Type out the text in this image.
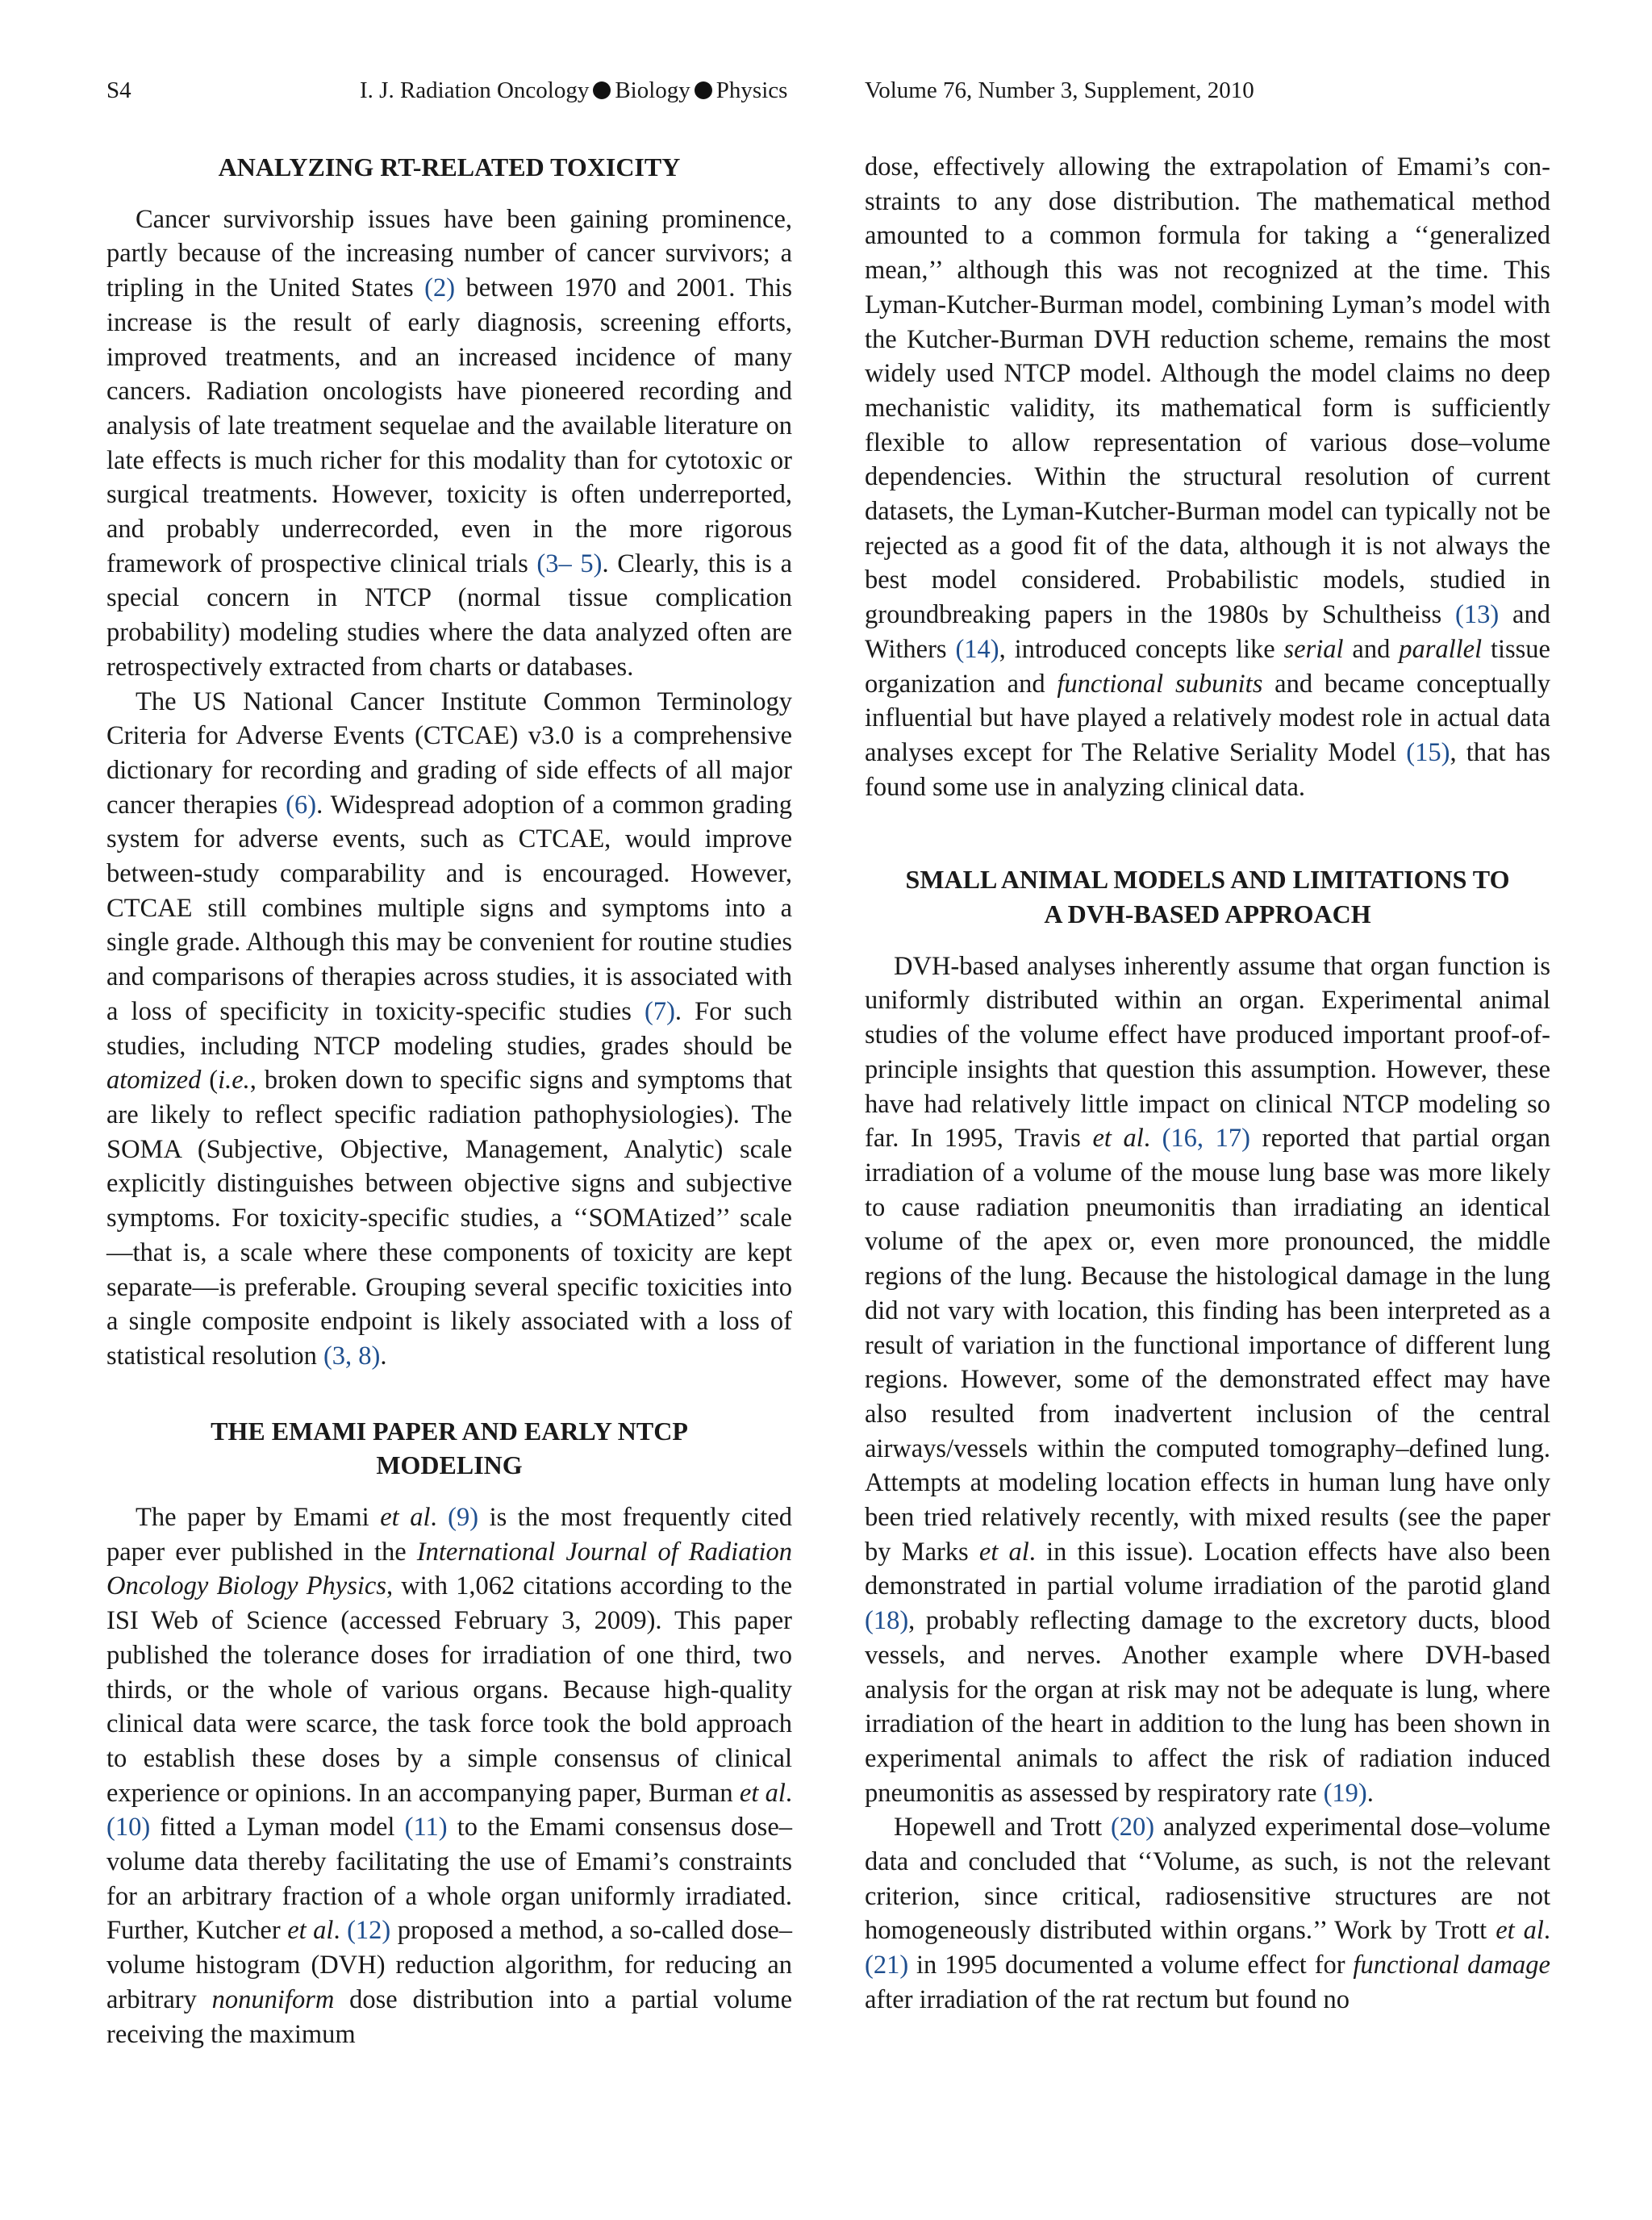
S4	I. J. Radiation Oncology Biology Physics	Volume 76, Number 3, Supplement, 2010
ANALYZING RT-RELATED TOXICITY

Cancer survivorship issues have been gaining prominence, partly because of the increasing number of cancer survivors; a tripling in the United States (2) between 1970 and 2001. This increase is the result of early diagnosis, screening efforts, improved treatments, and an increased incidence of many cancers. Radiation oncologists have pioneered recording and analysis of late treatment sequelae and the available literature on late effects is much richer for this modality than for cytotoxic or surgical treatments. However, toxicity is often underreported, and probably underrecorded, even in the more rigorous framework of prospective clinical trials (3– 5). Clearly, this is a special concern in NTCP (normal tissue complication probability) modeling studies where the data analyzed often are retrospectively extracted from charts or databases.

The US National Cancer Institute Common Terminology Criteria for Adverse Events (CTCAE) v3.0 is a comprehensive dictionary for recording and grading of side effects of all major cancer therapies (6). Widespread adoption of a common grading system for adverse events, such as CTCAE, would improve between-study comparability and is encouraged. However, CTCAE still combines multiple signs and symptoms into a single grade. Although this may be convenient for routine studies and comparisons of therapies across studies, it is associated with a loss of specificity in toxicity-specific studies (7). For such studies, including NTCP modeling studies, grades should be atomized (i.e., broken down to specific signs and symptoms that are likely to reflect specific radiation pathophysiologies). The SOMA (Subjective, Objective, Management, Analytic) scale explicitly distinguishes between objective signs and subjective symptoms. For toxicity-specific studies, a ‘‘SOMAtized’’ scale—that is, a scale where these components of toxicity are kept separate—is preferable. Grouping several specific toxicities into a single composite endpoint is likely associated with a loss of statistical resolution (3, 8).

THE EMAMI PAPER AND EARLY NTCP
MODELING

The paper by Emami et al. (9) is the most frequently cited paper ever published in the International Journal of Radiation Oncology Biology Physics, with 1,062 citations according to the ISI Web of Science (accessed February 3, 2009). This paper published the tolerance doses for irradiation of one third, two thirds, or the whole of various organs. Because high-quality clinical data were scarce, the task force took the bold approach to establish these doses by a simple consensus of clinical experience or opinions. In an accompanying paper, Burman et al. (10) fitted a Lyman model (11) to the Emami consensus dose–volume data thereby facilitating the use of Emami’s constraints for an arbitrary fraction of a whole organ uniformly irradiated. Further, Kutcher et al. (12) proposed a method, a so-called dose–volume histogram (DVH) reduction algorithm, for reducing an arbitrary nonuniform dose distribution into a partial volume receiving the maximum

dose, effectively allowing the extrapolation of Emami’s constraints to any dose distribution. The mathematical method amounted to a common formula for taking a ‘‘generalized mean,’’ although this was not recognized at the time. This Lyman-Kutcher-Burman model, combining Lyman’s model with the Kutcher-Burman DVH reduction scheme, remains the most widely used NTCP model. Although the model claims no deep mechanistic validity, its mathematical form is sufficiently flexible to allow representation of various dose–volume dependencies. Within the structural resolution of current datasets, the Lyman-Kutcher-Burman model can typically not be rejected as a good fit of the data, although it is not always the best model considered. Probabilistic models, studied in groundbreaking papers in the 1980s by Schultheiss (13) and Withers (14), introduced concepts like serial and parallel tissue organization and functional subunits and became conceptually influential but have played a relatively modest role in actual data analyses except for The Relative Seriality Model (15), that has found some use in analyzing clinical data.

SMALL ANIMAL MODELS AND LIMITATIONS TO
A DVH-BASED APPROACH

DVH-based analyses inherently assume that organ function is uniformly distributed within an organ. Experimental animal studies of the volume effect have produced important proof-of-principle insights that question this assumption. However, these have had relatively little impact on clinical NTCP modeling so far. In 1995, Travis et al. (16, 17) reported that partial organ irradiation of a volume of the mouse lung base was more likely to cause radiation pneumonitis than irradiating an identical volume of the apex or, even more pronounced, the middle regions of the lung. Because the histological damage in the lung did not vary with location, this finding has been interpreted as a result of variation in the functional importance of different lung regions. However, some of the demonstrated effect may have also resulted from inadvertent inclusion of the central airways/vessels within the computed tomography–defined lung. Attempts at modeling location effects in human lung have only been tried relatively recently, with mixed results (see the paper by Marks et al. in this issue). Location effects have also been demonstrated in partial volume irradiation of the parotid gland (18), probably reflecting damage to the excretory ducts, blood vessels, and nerves. Another example where DVH-based analysis for the organ at risk may not be adequate is lung, where irradiation of the heart in addition to the lung has been shown in experimental animals to affect the risk of radiation induced pneumonitis as assessed by respiratory rate (19).

Hopewell and Trott (20) analyzed experimental dose–volume data and concluded that ‘‘Volume, as such, is not the relevant criterion, since critical, radiosensitive structures are not homogeneously distributed within organs.’’ Work by Trott et al. (21) in 1995 documented a volume effect for functional damage after irradiation of the rat rectum but found no
